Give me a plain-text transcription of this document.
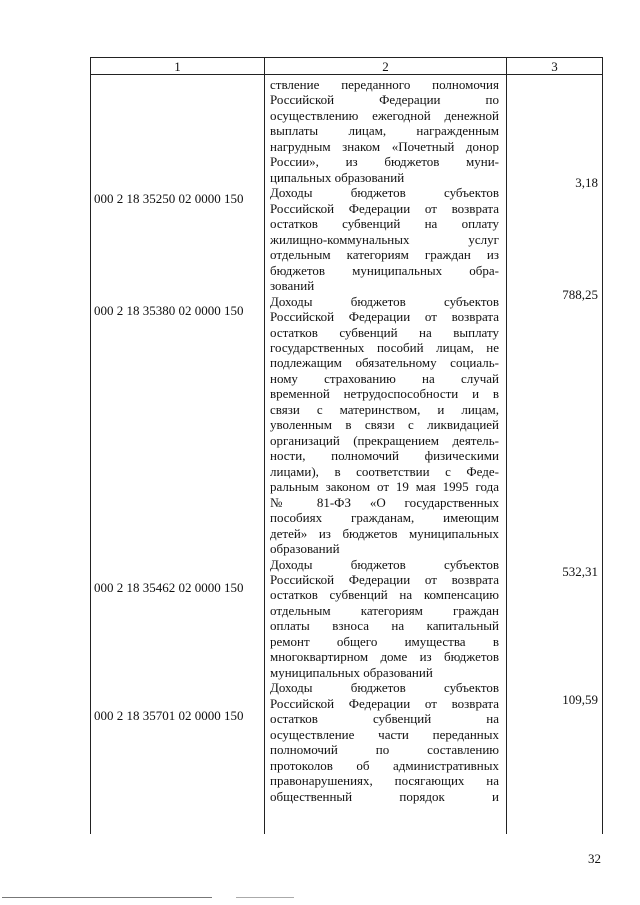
1	2	3
000 2 18 35250 02 0000 150
000 2 18 35380 02 0000 150
000 2 18 35462 02 0000 150
000 2 18 35701 02 0000 150
3,18
788,25
532,31
109,59
ствление переданного полномочия
Российской Федерации по
осуществлению ежегодной денежной
выплаты лицам, награжденным
нагрудным знаком «Почетный донор
России», из бюджетов муни-
ципальных образований
Доходы бюджетов субъектов
Российской Федерации от возврата
остатков субвенций на оплату
жилищно-коммунальных услуг
отдельным категориям граждан из
бюджетов муниципальных обра-
зований
Доходы бюджетов субъектов
Российской Федерации от возврата
остатков субвенций на выплату
государственных пособий лицам, не
подлежащим обязательному социаль-
ному страхованию на случай
временной нетрудоспособности и в
связи с материнством, и лицам,
уволенным в связи с ликвидацией
организаций (прекращением деятель-
ности, полномочий физическими
лицами), в соответствии с Феде-
ральным законом от 19 мая 1995 года
№ 81-ФЗ «О государственных
пособиях гражданам, имеющим
детей» из бюджетов муниципальных
образований
Доходы бюджетов субъектов
Российской Федерации от возврата
остатков субвенций на компенсацию
отдельным категориям граждан
оплаты взноса на капитальный
ремонт общего имущества в
многоквартирном доме из бюджетов
муниципальных образований
Доходы бюджетов субъектов
Российской Федерации от возврата
остатков субвенций на
осуществление части переданных
полномочий по составлению
протоколов об административных
правонарушениях, посягающих на
общественный порядок и
32
